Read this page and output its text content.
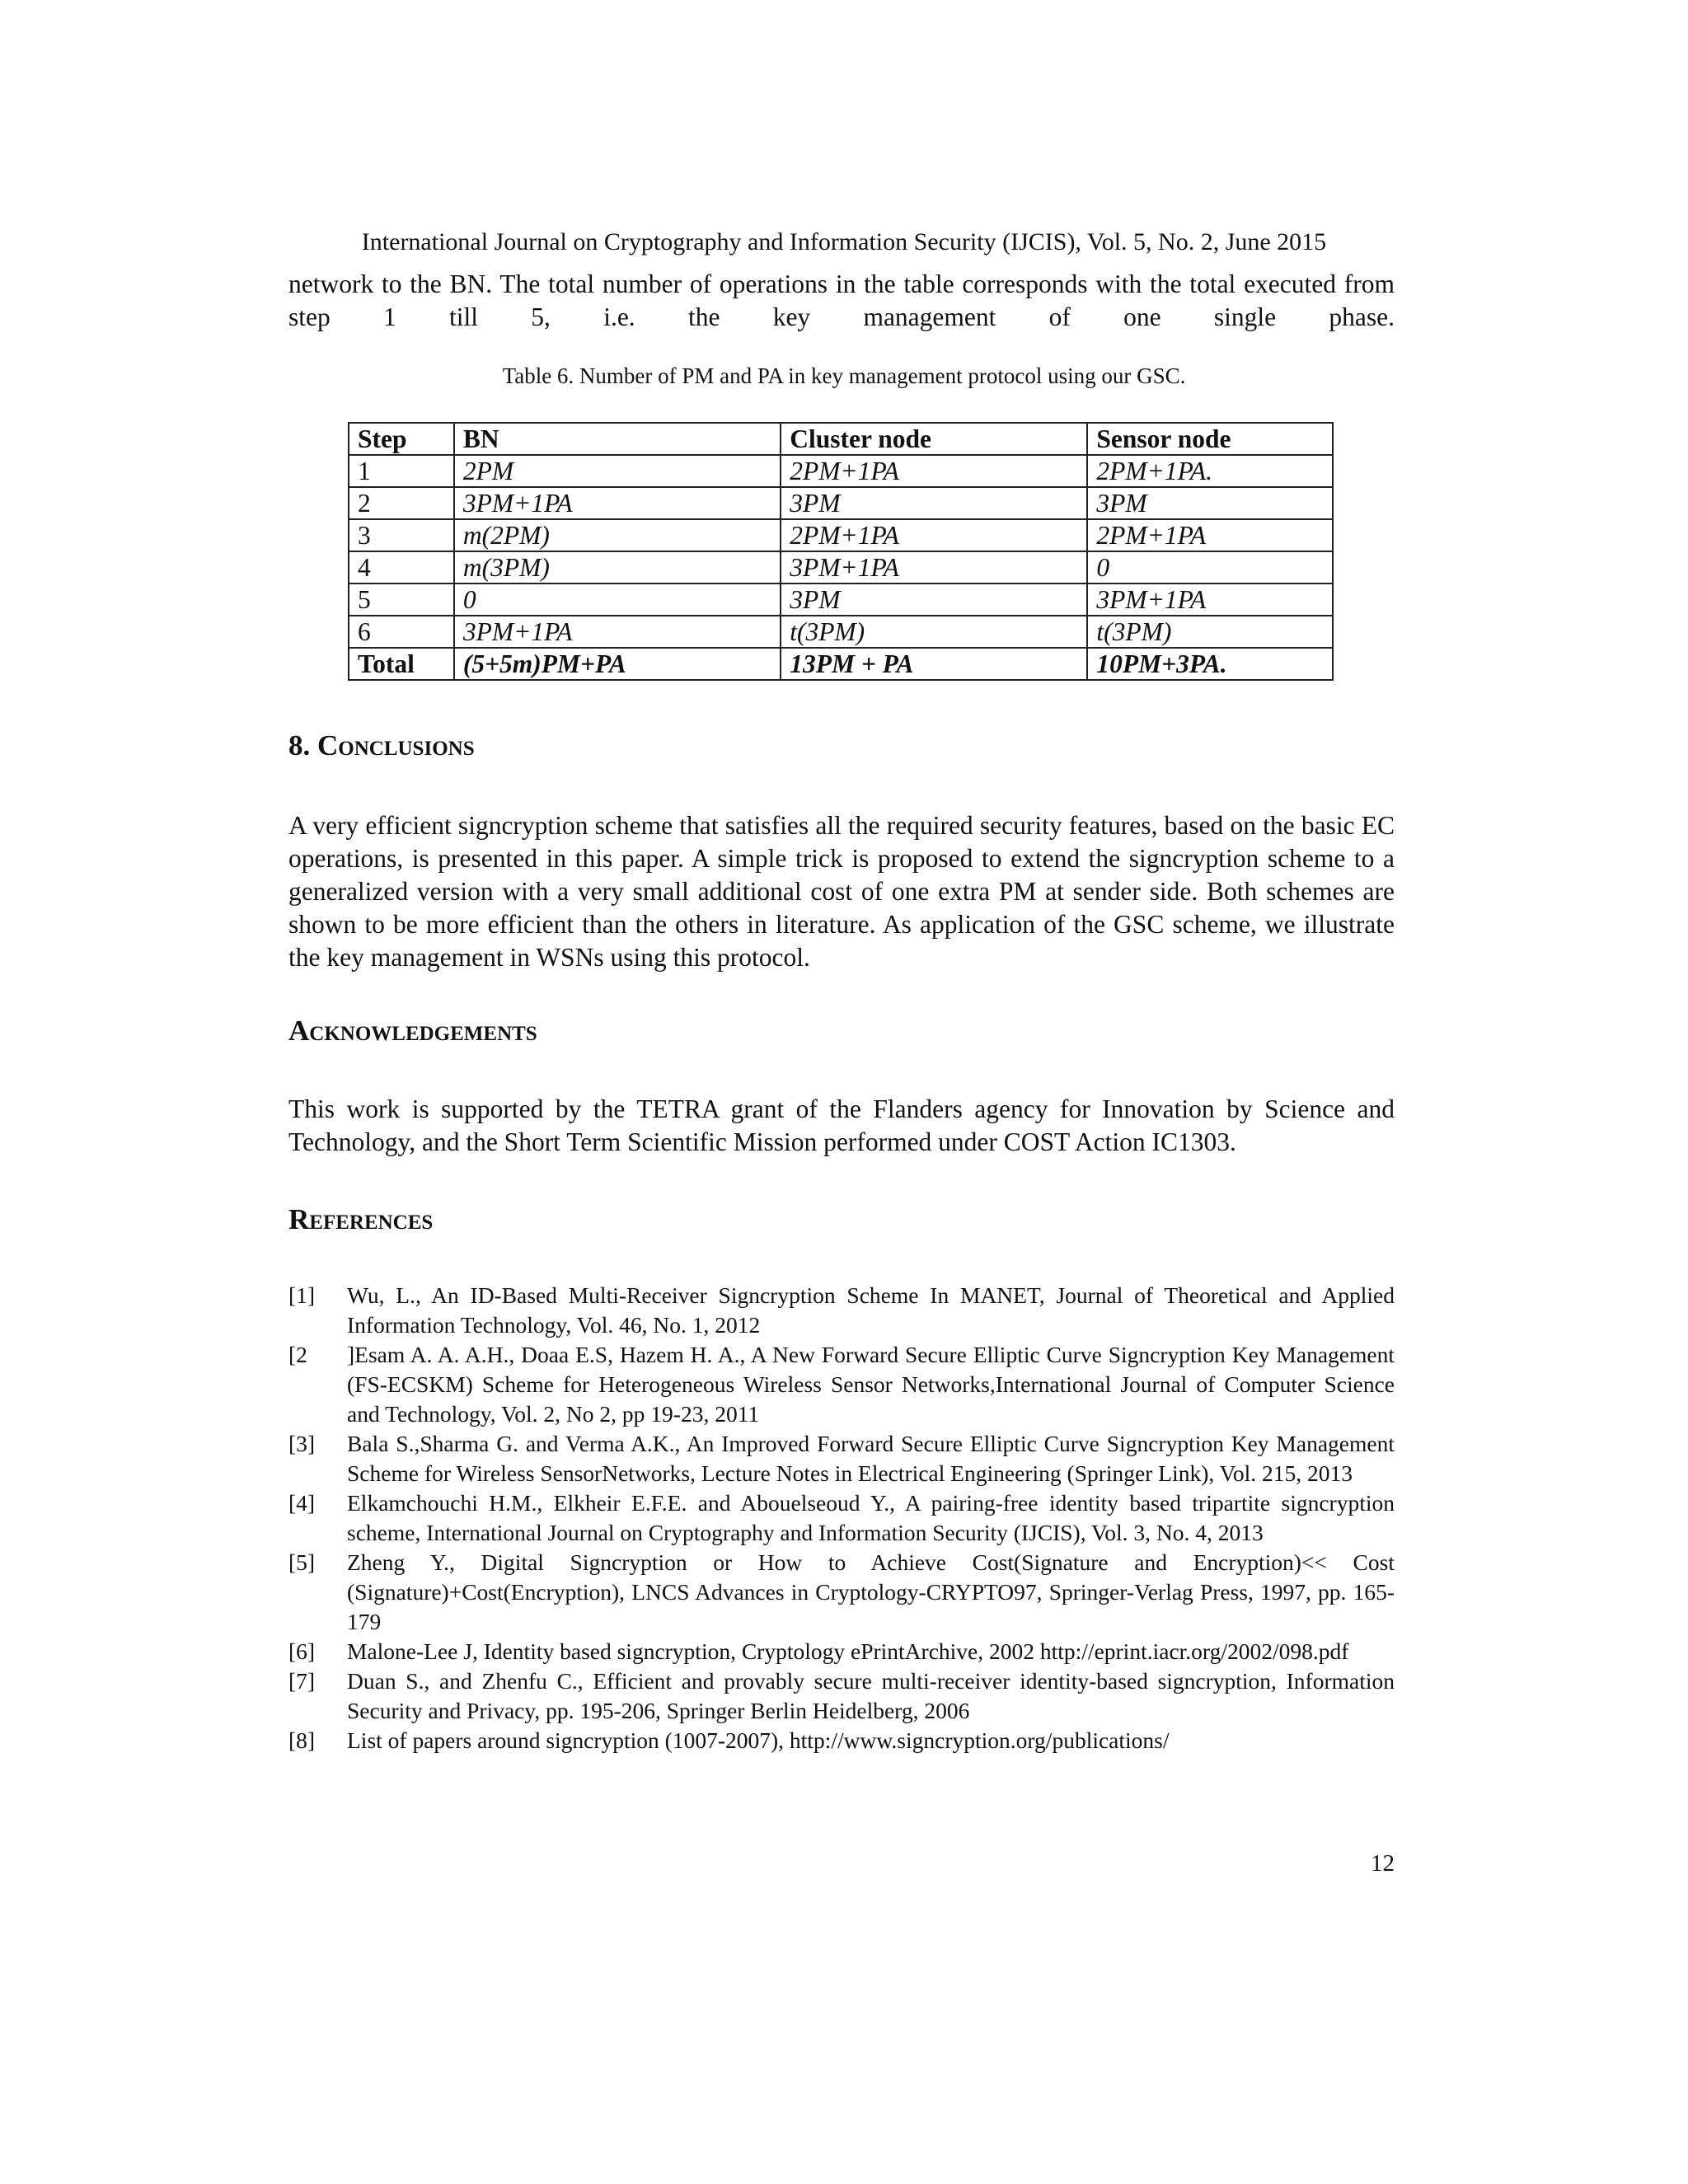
International Journal on Cryptography and Information Security (IJCIS), Vol. 5, No. 2, June 2015
network to the BN. The total number of operations in the table corresponds with the total executed from step 1 till 5, i.e. the key management of one single phase.
Table 6. Number of PM and PA in key management protocol using our GSC.
Step	BN	Cluster node	Sensor node
1	2PM	2PM+1PA	2PM+1PA.
2	3PM+1PA	3PM	3PM
3	m(2PM)	2PM+1PA	2PM+1PA
4	m(3PM)	3PM+1PA	0
5	0	3PM	3PM+1PA
6	3PM+1PA	t(3PM)	t(3PM)
Total	(5+5m)PM+PA	13PM + PA	10PM+3PA.
8. Conclusions
A very efficient signcryption scheme that satisfies all the required security features, based on the basic EC operations, is presented in this paper. A simple trick is proposed to extend the signcryption scheme to a generalized version with a very small additional cost of one extra PM at sender side. Both schemes are shown to be more efficient than the others in literature. As application of the GSC scheme, we illustrate the key management in WSNs using this protocol.
Acknowledgements
This work is supported by the TETRA grant of the Flanders agency for Innovation by Science and Technology, and the Short Term Scientific Mission performed under COST Action IC1303.
References
[1] Wu, L., An ID-Based Multi-Receiver Signcryption Scheme In MANET, Journal of Theoretical and Applied Information Technology, Vol. 46, No. 1, 2012
[2 ]Esam A. A. A.H., Doaa E.S, Hazem H. A., A New Forward Secure Elliptic Curve Signcryption Key Management (FS-ECSKM) Scheme for Heterogeneous Wireless Sensor Networks,International Journal of Computer Science and Technology, Vol. 2, No 2, pp 19-23, 2011
[3] Bala S.,Sharma G. and Verma A.K., An Improved Forward Secure Elliptic Curve Signcryption Key Management Scheme for Wireless SensorNetworks, Lecture Notes in Electrical Engineering (Springer Link), Vol. 215, 2013
[4] Elkamchouchi H.M., Elkheir E.F.E. and Abouelseoud Y., A pairing-free identity based tripartite signcryption scheme, International Journal on Cryptography and Information Security (IJCIS), Vol. 3, No. 4, 2013
[5] Zheng Y., Digital Signcryption or How to Achieve Cost(Signature and Encryption)<< Cost (Signature)+Cost(Encryption), LNCS Advances in Cryptology-CRYPTO97, Springer-Verlag Press, 1997, pp. 165-179
[6] Malone-Lee J, Identity based signcryption, Cryptology ePrintArchive, 2002 http://eprint.iacr.org/2002/098.pdf
[7] Duan S., and Zhenfu C., Efficient and provably secure multi-receiver identity-based signcryption, Information Security and Privacy, pp. 195-206, Springer Berlin Heidelberg, 2006
[8] List of papers around signcryption (1007-2007), http://www.signcryption.org/publications/
12
